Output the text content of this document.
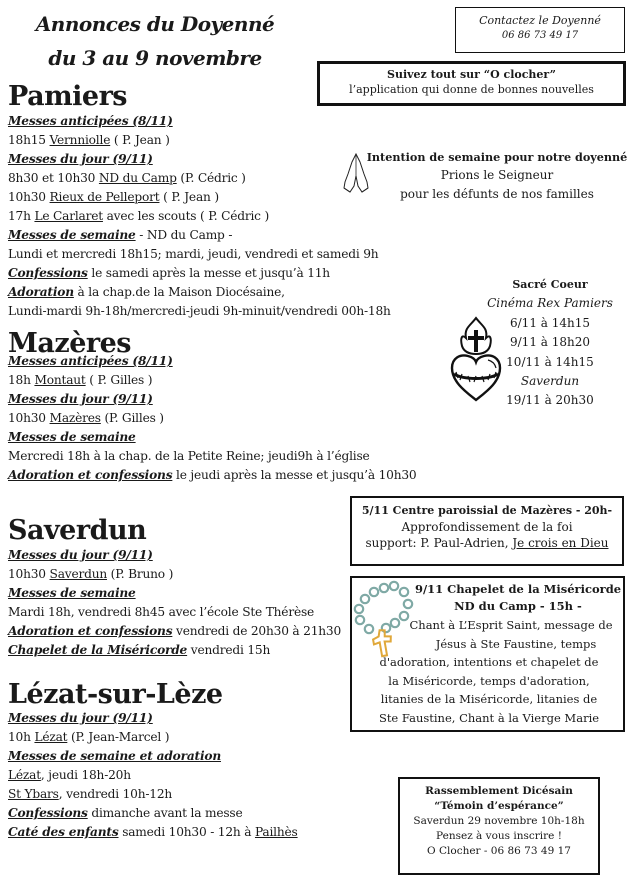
Annonces du Doyenné
du 3 au 9 novembre
Contactez le Doyenné
06 86 73 49 17
Suivez tout sur “O clocher”
l’application qui donne de bonnes nouvelles
Intention de semaine pour notre doyenné
Prions le Seigneur
pour les défunts de nos familles
Sacré Coeur
Cinéma Rex Pamiers
6/11 à 14h15
9/11 à 18h20
10/11 à 14h15
Saverdun
19/11 à 20h30
Pamiers
Messes anticipées (8/11)
18h15 Vernniolle ( P. Jean )
Messes du jour (9/11)
8h30 et 10h30 ND du Camp (P. Cédric )
10h30 Rieux de Pelleport ( P. Jean )
17h Le Carlaret avec les scouts ( P. Cédric )
Messes de semaine - ND du Camp -
Lundi et mercredi 18h15; mardi, jeudi, vendredi et samedi 9h
Confessions le samedi après la messe et jusqu’à 11h
Adoration à la chap.de la Maison Diocésaine,
Lundi-mardi 9h-18h/mercredi-jeudi 9h-minuit/vendredi 00h-18h
Mazères
Messes anticipées (8/11)
18h Montaut ( P. Gilles )
Messes du jour (9/11)
10h30 Mazères (P. Gilles )
Messes de semaine
Mercredi 18h à la chap. de la Petite Reine; jeudi9h à l’église
Adoration et confessions le jeudi après la messe et jusqu’à 10h30
5/11 Centre paroissial de Mazères - 20h-
Approfondissement de la foi
support: P. Paul-Adrien, Je crois en Dieu
Saverdun
Messes du jour (9/11)
10h30 Saverdun (P. Bruno )
Messes de semaine
Mardi 18h, vendredi 8h45 avec l’école Ste Thérèse
Adoration et confessions vendredi de 20h30 à 21h30
Chapelet de la Miséricorde vendredi 15h
9/11 Chapelet de la Miséricorde
ND du Camp - 15h -
Chant à L’Esprit Saint, message de
Jésus à Ste Faustine, temps
d'adoration, intentions et chapelet de
la Miséricorde, temps d'adoration,
litanies de la Miséricorde, litanies de
Ste Faustine, Chant à la Vierge Marie
Lézat-sur-Lèze
Messes du jour (9/11)
10h Lézat (P. Jean-Marcel )
Messes de semaine et adoration
Lézat, jeudi 18h-20h
St Ybars, vendredi 10h-12h
Confessions dimanche avant la messe
Caté des enfants samedi 10h30 - 12h à Pailhès
Rassemblement Dicésain
“Témoin d’espérance”
Saverdun 29 novembre 10h-18h
Pensez à vous inscrire !
O Clocher - 06 86 73 49 17
